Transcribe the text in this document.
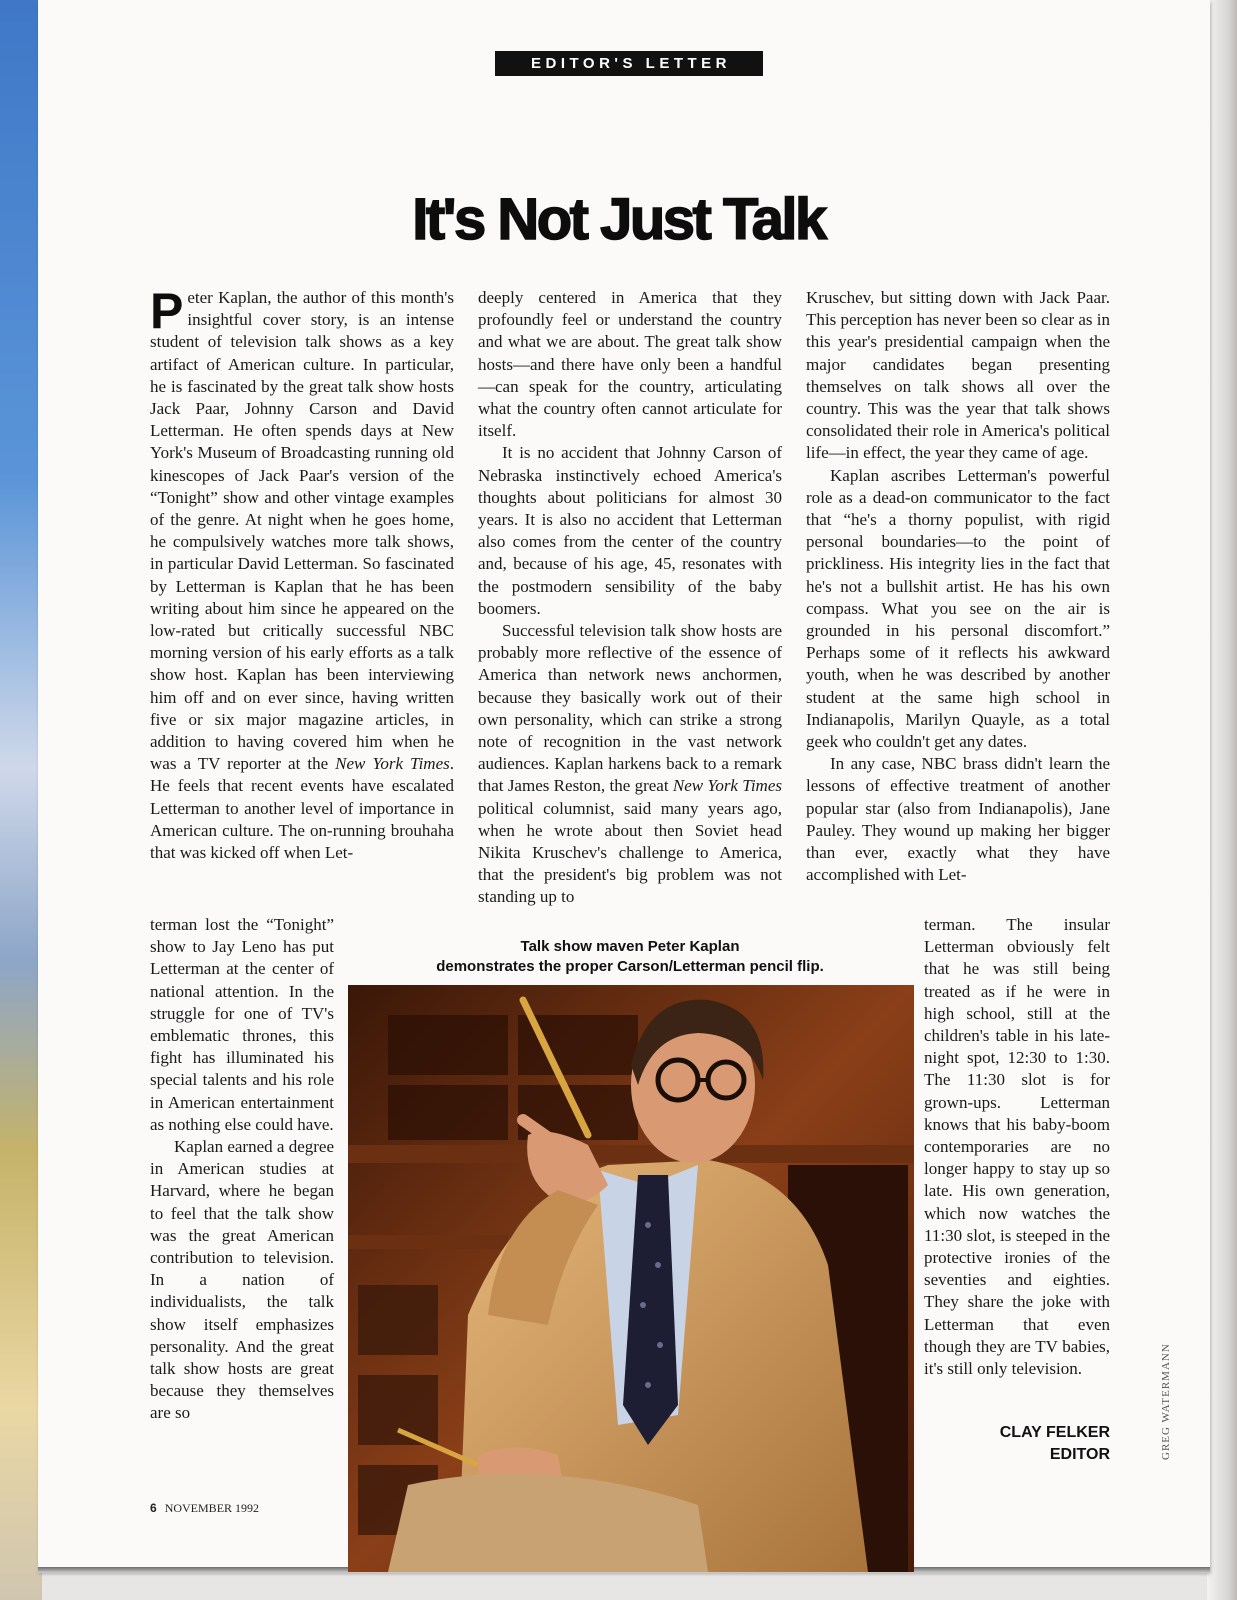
EDITOR'S LETTER
It's Not Just Talk

Peter Kaplan, the author of this month's insightful cover story, is an intense student of television talk shows as a key artifact of American culture. In particular, he is fascinated by the great talk show hosts Jack Paar, Johnny Carson and David Letterman. He often spends days at New York's Museum of Broadcasting running old kinescopes of Jack Paar's version of the “Tonight” show and other vintage examples of the genre. At night when he goes home, he compulsively watches more talk shows, in particular David Letterman. So fascinated by Letterman is Kaplan that he has been writing about him since he appeared on the low-rated but critically successful NBC morning version of his early efforts as a talk show host. Kaplan has been interviewing him off and on ever since, having written five or six major magazine articles, in addition to having covered him when he was a TV reporter at the New York Times. He feels that recent events have escalated Letterman to another level of importance in American culture. The on-running brouhaha that was kicked off when Let-

terman lost the “Tonight” show to Jay Leno has put Letterman at the center of national attention. In the struggle for one of TV's emblematic thrones, this fight has illuminated his special talents and his role in American entertainment as nothing else could have.

Kaplan earned a degree in American studies at Harvard, where he began to feel that the talk show was the great American contribution to television. In a nation of individualists, the talk show itself emphasizes personality. And the great talk show hosts are great because they themselves are so

deeply centered in America that they profoundly feel or understand the country and what we are about. The great talk show hosts—and there have only been a handful—can speak for the country, articulating what the country often cannot articulate for itself.

It is no accident that Johnny Carson of Nebraska instinctively echoed America's thoughts about politicians for almost 30 years. It is also no accident that Letterman also comes from the center of the country and, because of his age, 45, resonates with the postmodern sensibility of the baby boomers.

Successful television talk show hosts are probably more reflective of the essence of America than network news anchormen, because they basically work out of their own personality, which can strike a strong note of recognition in the vast network audiences. Kaplan harkens back to a remark that James Reston, the great New York Times political columnist, said many years ago, when he wrote about then Soviet head Nikita Kruschev's challenge to America, that the president's big problem was not standing up to

Kruschev, but sitting down with Jack Paar. This perception has never been so clear as in this year's presidential campaign when the major candidates began presenting themselves on talk shows all over the country. This was the year that talk shows consolidated their role in America's political life—in effect, the year they came of age.

Kaplan ascribes Letterman's powerful role as a dead-on communicator to the fact that “he's a thorny populist, with rigid personal boundaries—to the point of prickliness. His integrity lies in the fact that he's not a bullshit artist. He has his own compass. What you see on the air is grounded in his personal discomfort.” Perhaps some of it reflects his awkward youth, when he was described by another student at the same high school in Indianapolis, Marilyn Quayle, as a total geek who couldn't get any dates.

In any case, NBC brass didn't learn the lessons of effective treatment of another popular star (also from Indianapolis), Jane Pauley. They wound up making her bigger than ever, exactly what they have accomplished with Let-

terman. The insular Letterman obviously felt that he was still being treated as if he were in high school, still at the children's table in his late-night spot, 12:30 to 1:30. The 11:30 slot is for grown-ups. Letterman knows that his baby-boom contemporaries are no longer happy to stay up so late. His own generation, which now watches the 11:30 slot, is steeped in the protective ironies of the seventies and eighties. They share the joke with Letterman that even though they are TV babies, it's still only television.

Talk show maven Peter Kaplan
demonstrates the proper Carson/Letterman pencil flip.
CLAY FELKER
EDITOR	GREG WATERMANN
6 NOVEMBER 1992
